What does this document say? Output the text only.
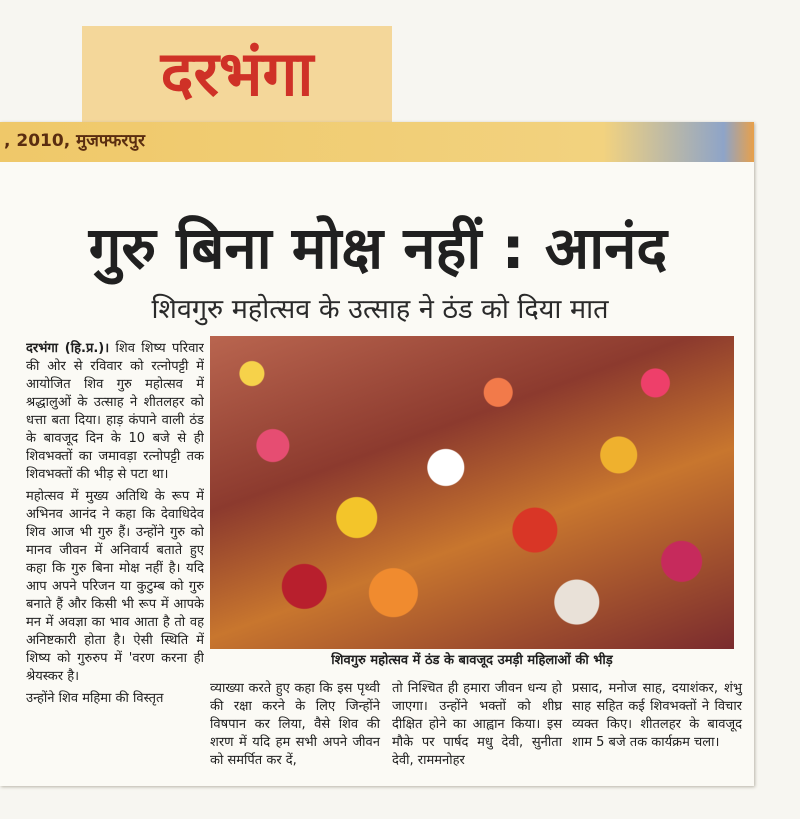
दरभंगा
, 2010, मुजफ्फरपुर
गुरु बिना मोक्ष नहीं : आनंद
शिवगुरु महोत्सव के उत्साह ने ठंड को दिया मात

दरभंगा (हि.प्र.)। शिव शिष्य परिवार की ओर से रविवार को रत्नोपट्टी में आयोजित शिव गुरु महोत्सव में श्रद्धालुओं के उत्साह ने शीतलहर को धत्ता बता दिया। हाड़ कंपाने वाली ठंड के बावजूद दिन के 10 बजे से ही शिवभक्तों का जमावड़ा रत्नोपट्टी तक शिवभक्तों की भीड़ से पटा था।

महोत्सव में मुख्य अतिथि के रूप में अभिनव आनंद ने कहा कि देवाधिदेव शिव आज भी गुरु हैं। उन्होंने गुरु को मानव जीवन में अनिवार्य बताते हुए कहा कि गुरु बिना मोक्ष नहीं है। यदि आप अपने परिजन या कुटुम्ब को गुरु बनाते हैं और किसी भी रूप में आपके मन में अवज्ञा का भाव आता है तो वह अनिष्टकारी होता है। ऐसी स्थिति में शिष्य को गुरुरुप में 'वरण करना ही श्रेयस्कर है।

उन्होंने शिव महिमा की विस्तृत

शिवगुरु महोत्सव में ठंड के बावजूद उमड़ी महिलाओं की भीड़
व्याख्या करते हुए कहा कि इस पृथ्वी की रक्षा करने के लिए जिन्होंने विषपान कर लिया, वैसे शिव की शरण में यदि हम सभी अपने जीवन को समर्पित कर दें,
तो निश्चित ही हमारा जीवन धन्य हो जाएगा। उन्होंने भक्तों को शीघ्र दीक्षित होने का आह्वान किया। इस मौके पर पार्षद मधु देवी, सुनीता देवी, राममनोहर
प्रसाद, मनोज साह, दयाशंकर, शंभु साह सहित कई शिवभक्तों ने विचार व्यक्त किए। शीतलहर के बावजूद शाम 5 बजे तक कार्यक्रम चला।
